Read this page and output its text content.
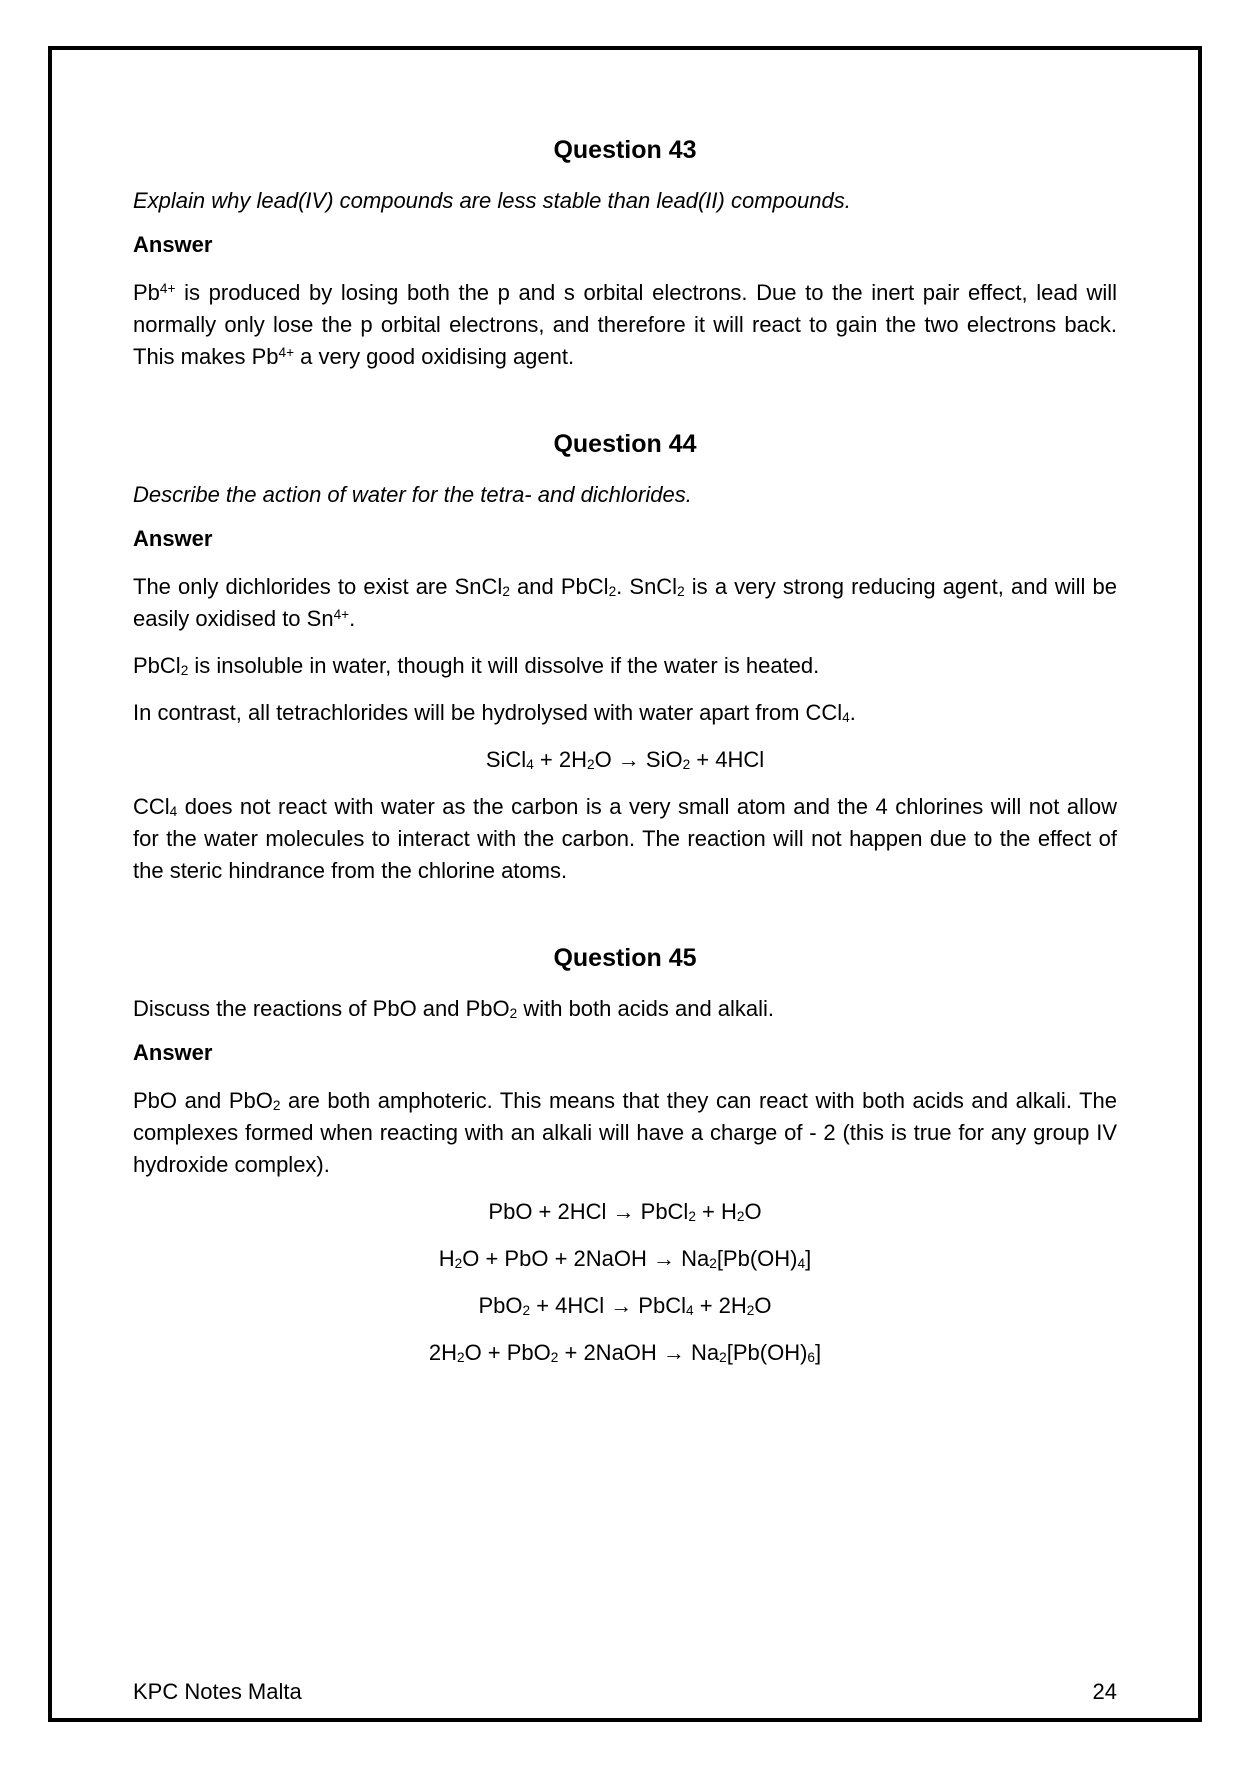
Question 43

Explain why lead(IV) compounds are less stable than lead(II) compounds.

Answer

$Pb^{4+}$ is produced by losing both the p and s orbital electrons. Due to the inert pair effect, lead will normally only lose the p orbital electrons, and therefore it will react to gain the two electrons back. This makes $Pb^{4+}$ a very good oxidising agent.

Question 44

Describe the action of water for the tetra- and dichlorides.

Answer

The only dichlorides to exist are SnCl$_2$ and PbCl$_2$. SnCl$_2$ is a very strong reducing agent, and will be easily oxidised to $Sn^{4+}$.

PbCl$_2$ is insoluble in water, though it will dissolve if the water is heated.

In contrast, all tetrachlorides will be hydrolysed with water apart from CCl$_4$.

SiCl$_4$ + $2H_2O \to SiO_2 + 4HCl$

CCl$_4$ does not react with water as the carbon is a very small atom and the 4 chlorines will not allow for the water molecules to interact with the carbon. The reaction will not happen due to the effect of the steric hindrance from the chlorine atoms.

Question 45

Discuss the reactions of PbO and PbO$_2$ with both acids and alkali.

Answer

PbO and PbO$_2$ are both amphoteric. This means that they can react with both acids and alkali. The complexes formed when reacting with an alkali will have a charge of - 2 (this is true for any group IV hydroxide complex).

PbO + 2HCl → PbCl$_2$ + $H_2O$

$H_2O$ + PbO + 2NaOH → $Na_2[Pb(OH)_4]$

PbO$_2$ + 4HCl → PbCl$_4$ + $2H_2O$

$2H_2O + PbO_2$ + 2NaOH → $Na_2[Pb(OH)_6]$

KPC Notes Malta	24
